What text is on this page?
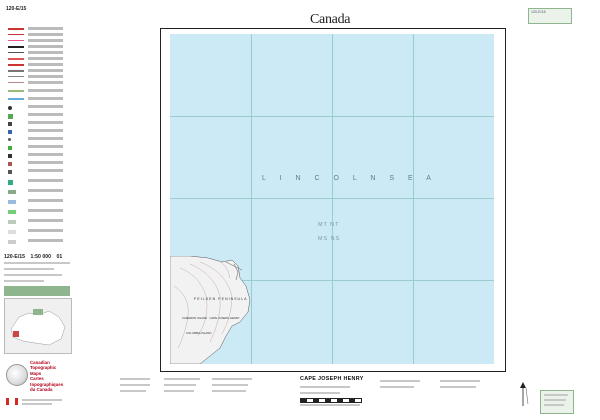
120-E/15
120-E/15 1:50 000 01
Canadian
Topographic
Maps
Cartes
topographiques
du Canada
Canada	120-E/15
L I N C O L N S E A
MT NT
MS NS
FEILDEN PENINSULA
CAMERON ISLAND · CAPE JOSEPH HENRY
COLUMBIA ISLAND
CAPE JOSEPH HENRY
